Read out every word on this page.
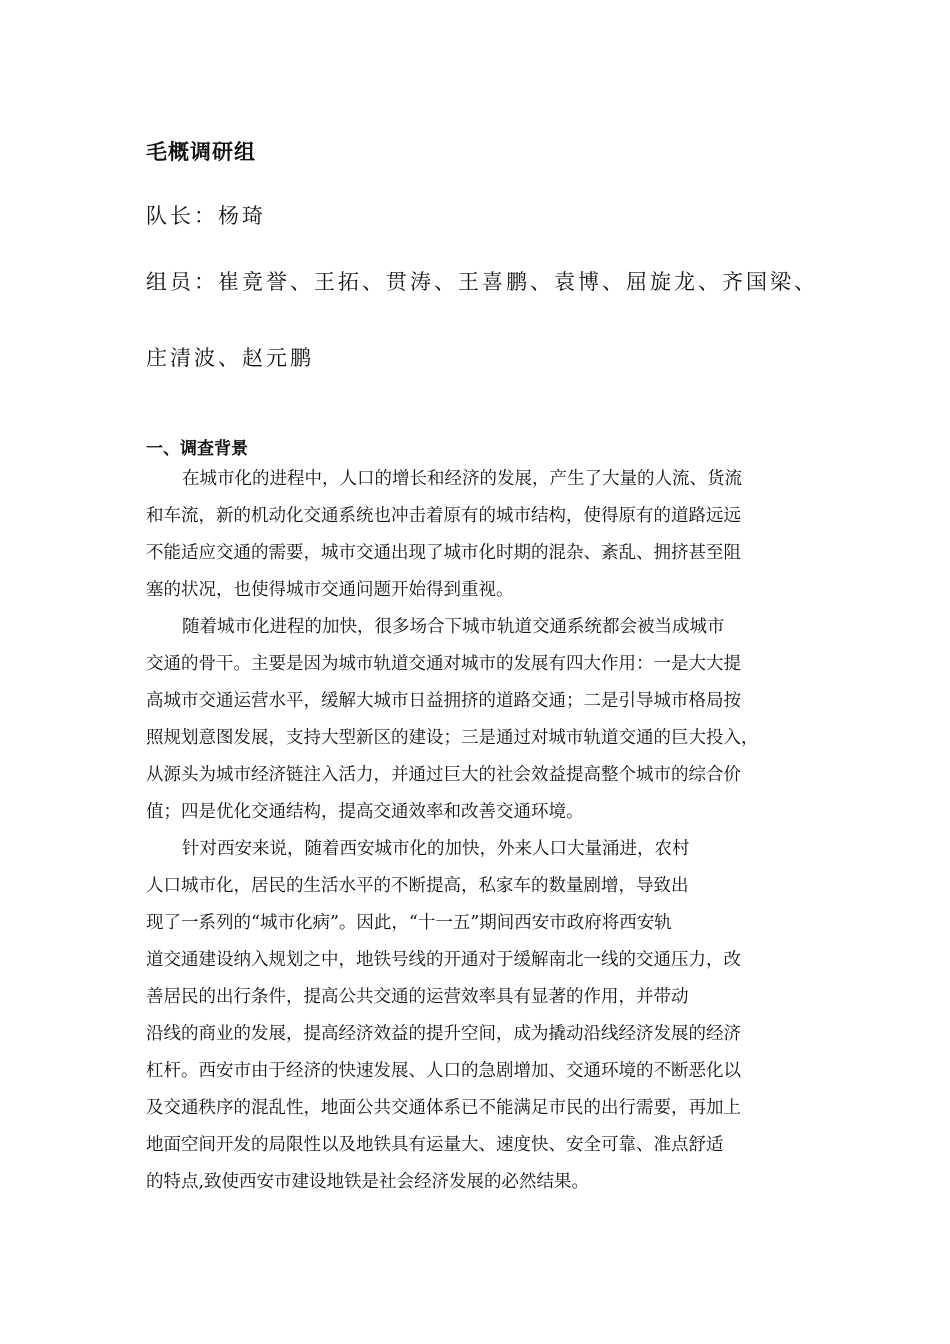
毛概调研组
队长：杨琦
组员：崔竟誉、王拓、贯涛、王喜鹏、袁博、屈旋龙、齐国梁、
庄清波、赵元鹏
一、调查背景
在城市化的进程中，人口的增长和经济的发展，产生了大量的人流、货流
和车流，新的机动化交通系统也冲击着原有的城市结构，使得原有的道路远远
不能适应交通的需要，城市交通出现了城市化时期的混杂、紊乱、拥挤甚至阻
塞的状况，也使得城市交通问题开始得到重视。
随着城市化进程的加快，很多场合下城市轨道交通系统都会被当成城市
交通的骨干。主要是因为城市轨道交通对城市的发展有四大作用：一是大大提
高城市交通运营水平，缓解大城市日益拥挤的道路交通；二是引导城市格局按
照规划意图发展，支持大型新区的建设；三是通过对城市轨道交通的巨大投入，
从源头为城市经济链注入活力，并通过巨大的社会效益提高整个城市的综合价
值；四是优化交通结构，提高交通效率和改善交通环境。
针对西安来说，随着西安城市化的加快，外来人口大量涌进，农村
人口城市化，居民的生活水平的不断提高，私家车的数量剧增，导致出
现了一系列的“城市化病”。因此，“十一五”期间西安市政府将西安轨
道交通建设纳入规划之中，地铁号线的开通对于缓解南北一线的交通压力，改
善居民的出行条件，提高公共交通的运营效率具有显著的作用，并带动
沿线的商业的发展，提高经济效益的提升空间，成为撬动沿线经济发展的经济
杠杆。西安市由于经济的快速发展、人口的急剧增加、交通环境的不断恶化以
及交通秩序的混乱性，地面公共交通体系已不能满足市民的出行需要，再加上
地面空间开发的局限性以及地铁具有运量大、速度快、安全可靠、准点舒适
的特点,致使西安市建设地铁是社会经济发展的必然结果。
